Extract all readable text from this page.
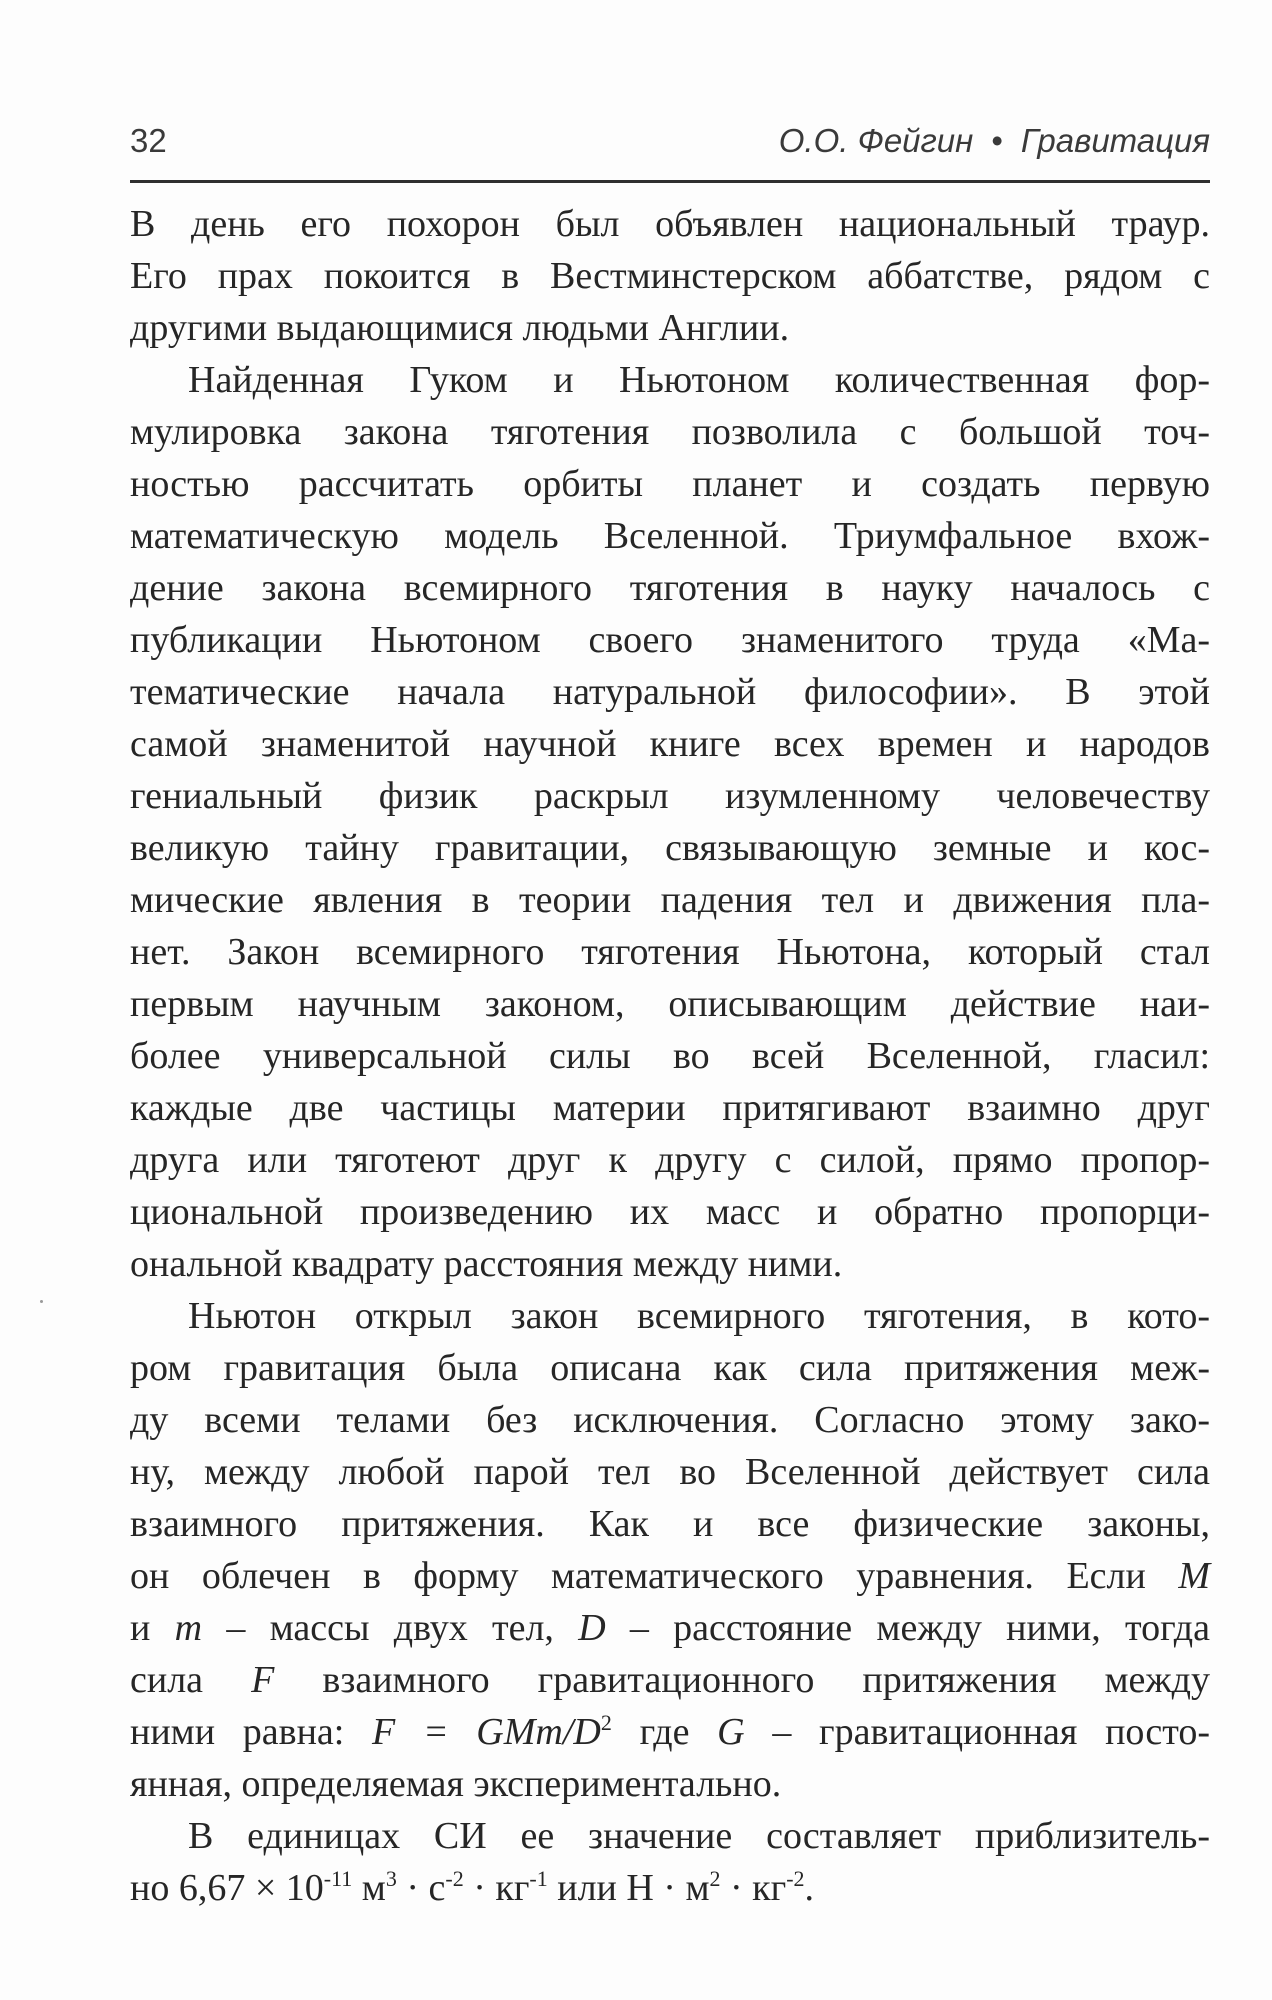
32	О.О. Фейгин • Гравитация

В день его похорон был объявлен национальный траур.
Его прах покоится в Вестминстерском аббатстве, рядом с
другими выдающимися людьми Англии.

Найденная Гуком и Ньютоном количественная фор-
мулировка закона тяготения позволила с большой точ-
ностью рассчитать орбиты планет и создать первую
математическую модель Вселенной. Триумфальное вхож-
дение закона всемирного тяготения в науку началось с
публикации Ньютоном своего знаменитого труда «Ма-
тематические начала натуральной философии». В этой
самой знаменитой научной книге всех времен и народов
гениальный физик раскрыл изумленному человечеству
великую тайну гравитации, связывающую земные и кос-
мические явления в теории падения тел и движения пла-
нет. Закон всемирного тяготения Ньютона, который стал
первым научным законом, описывающим действие наи-
более универсальной силы во всей Вселенной, гласил:
каждые две частицы материи притягивают взаимно друг
друга или тяготеют друг к другу с силой, прямо пропор-
циональной произведению их масс и обратно пропорци-
ональной квадрату расстояния между ними.

Ньютон открыл закон всемирного тяготения, в кото-
ром гравитация была описана как сила притяжения меж-
ду всеми телами без исключения. Согласно этому зако-
ну, между любой парой тел во Вселенной действует сила
взаимного притяжения. Как и все физические законы,
он облечен в форму математического уравнения. Если M
и m – массы двух тел, D – расстояние между ними, тогда
сила F взаимного гравитационного притяжения между
ними равна: F = GMm/$D^2$ где G – гравитационная посто-
янная, определяемая экспериментально.

В единицах СИ ее значение составляет приблизитель-
но $6,67 \times 10^{-11}$ $м^3 \cdot с^{-2} \cdot кг^{-1}$ или $Н \cdot м^2 \cdot кг^{-2}$.
